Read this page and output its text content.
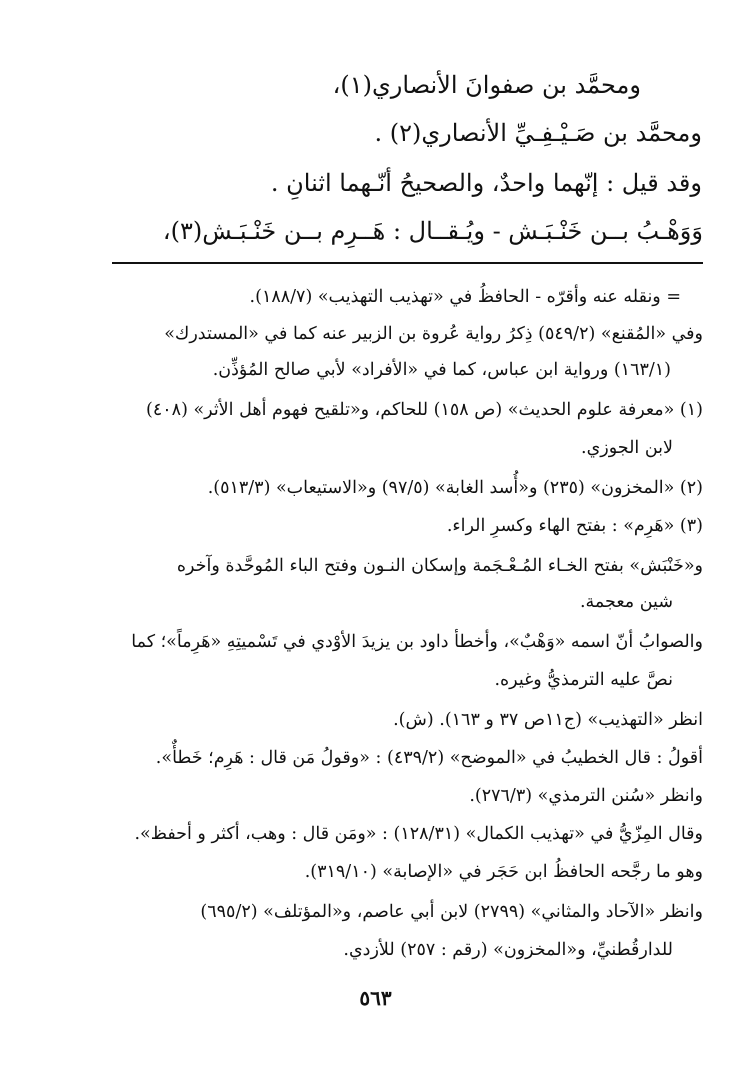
ومحمَّد بن صفوانَ الأنصاري(١)،
ومحمَّد بن صَـيْـفِـيِّ الأنصاري(٢) .
وقد قيل : إنّهما واحدٌ، والصحيحُ أنّـهما اثنانِ .
وَوَهْـبُ بــن خَنْـبَـش - ويُـقــال : هَــرِم بــن خَنْـبَـش(٣)،
= ونقله عنه وأقرّه - الحافظُ في «تهذيب التهذيب» (١٨٨/٧).
وفي «المُقنع» (٥٤٩/٢) ذِكرُ رواية عُروة بن الزبير عنه كما في «المستدرك»
(١٦٣/١) ورواية ابن عباس، كما في «الأفراد» لأبي صالح المُؤذِّن.
(١) «معرفة علوم الحديث» (ص ١٥٨) للحاكم، و«تلقيح فهوم أهل الأثر» (٤٠٨)
لابن الجوزي.
(٢) «المخزون» (٢٣٥) و«أُسد الغابة» (٩٧/٥) و«الاستيعاب» (٥١٣/٣).
(٣) «هَرِم» : بفتح الهاء وكسرِ الراء.
و«خَنْبَش» بفتح الخـاء المُـعْـجَمة وإسكان النـون وفتح الباء المُوحَّدة وآخره
شين معجمة.
والصوابُ أنّ اسمه «وَهْبٌ»، وأخطأ داود بن يزيدَ الأوْدي في تَسْميتِهِ «هَرِماً»؛ كما
نصَّ عليه الترمذيُّ وغيره.
انظر «التهذيب» (ج١١ص ٣٧ و ١٦٣). (ش).
أقولُ : قال الخطيبُ في «الموضح» (٤٣٩/٢) : «وقولُ مَن قال : هَرِم؛ خَطأٌ».
وانظر «سُنن الترمذي» (٢٧٦/٣).
وقال المِزّيُّ في «تهذيب الكمال» (١٢٨/٣١) : «ومَن قال : وهب، أكثر و أحفظ».
وهو ما رجَّحه الحافظُ ابن حَجَر في «الإصابة» (٣١٩/١٠).
وانظر «الآحاد والمثاني» (٢٧٩٩) لابن أبي عاصم، و«المؤتلف» (٦٩٥/٢)
للدارقُطنيِّ، و«المخزون» (رقم : ٢٥٧) للأزدي.
٥٦٣
